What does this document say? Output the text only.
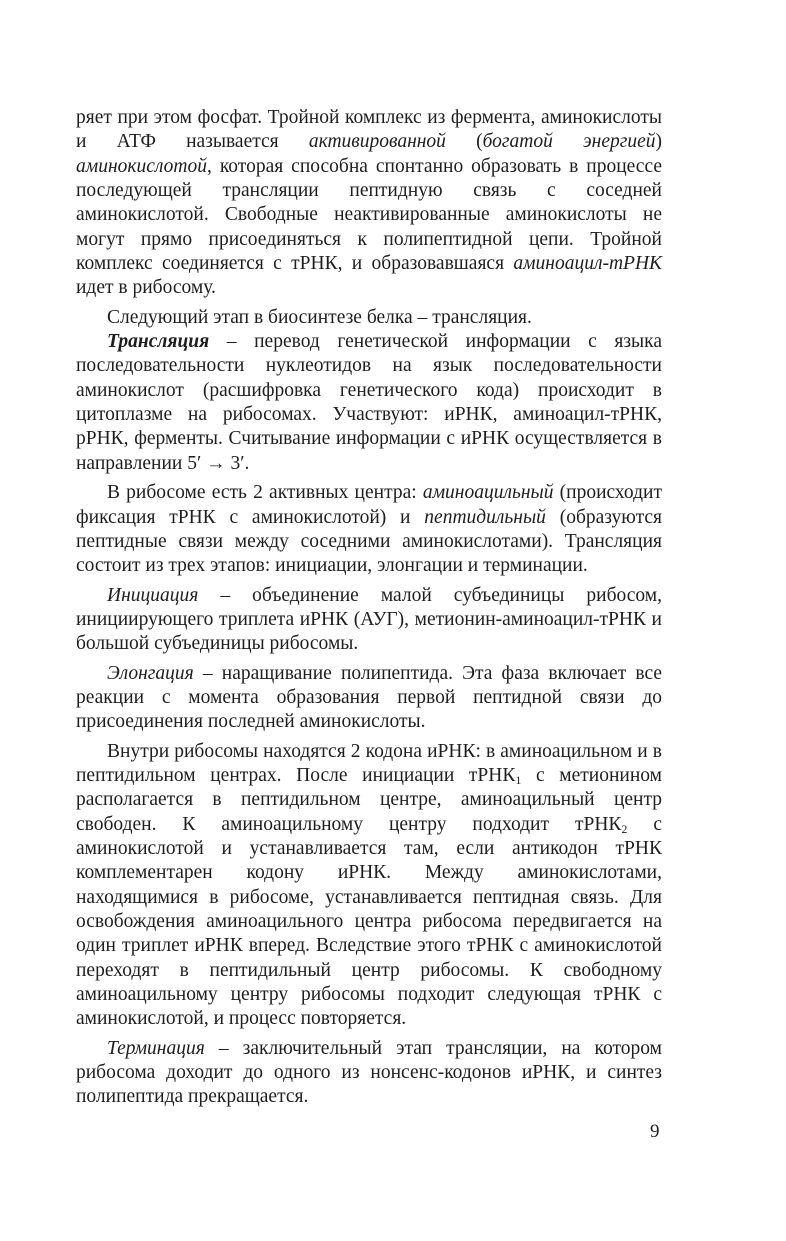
ряет при этом фосфат. Тройной комплекс из фермента, аминокислоты и АТФ называется активированной (богатой энергией) аминокислотой, которая способна спонтанно образовать в процессе последующей трансляции пептидную связь с соседней аминокислотой. Свободные неактивированные аминокислоты не могут прямо присоединяться к полипептидной цепи. Тройной комплекс соединяется с тРНК, и образовавшаяся аминоацил-тРНК идет в рибосому.

Следующий этап в биосинтезе белка – трансляция.

Трансляция – перевод генетической информации с языка последовательности нуклеотидов на язык последовательности аминокислот (расшифровка генетического кода) происходит в цитоплазме на рибосомах. Участвуют: иРНК, аминоацил-тРНК, рРНК, ферменты. Считывание информации с иРНК осуществляется в направлении 5′ → 3′.

В рибосоме есть 2 активных центра: аминоацильный (происходит фиксация тРНК с аминокислотой) и пептидильный (образуются пептидные связи между соседними аминокислотами). Трансляция состоит из трех этапов: инициации, элонгации и терминации.

Инициация – объединение малой субъединицы рибосом, инициирующего триплета иРНК (АУГ), метионин-аминоацил-тРНК и большой субъединицы рибосомы.

Элонгация – наращивание полипептида. Эта фаза включает все реакции с момента образования первой пептидной связи до присоединения последней аминокислоты.

Внутри рибосомы находятся 2 кодона иРНК: в аминоацильном и в пептидильном центрах. После инициации тРНК$_1$ с метионином располагается в пептидильном центре, аминоацильный центр свободен. К аминоацильному центру подходит тРНК$_2$ с аминокислотой и устанавливается там, если антикодон тРНК комплементарен кодону иРНК. Между аминокислотами, находящимися в рибосоме, устанавливается пептидная связь. Для освобождения аминоацильного центра рибосома передвигается на один триплет иРНК вперед. Вследствие этого тРНК с аминокислотой переходят в пептидильный центр рибосомы. К свободному аминоацильному центру рибосомы подходит следующая тРНК с аминокислотой, и процесс повторяется.

Терминация – заключительный этап трансляции, на котором рибосома доходит до одного из нонсенс-кодонов иРНК, и синтез полипептида прекращается.

9
